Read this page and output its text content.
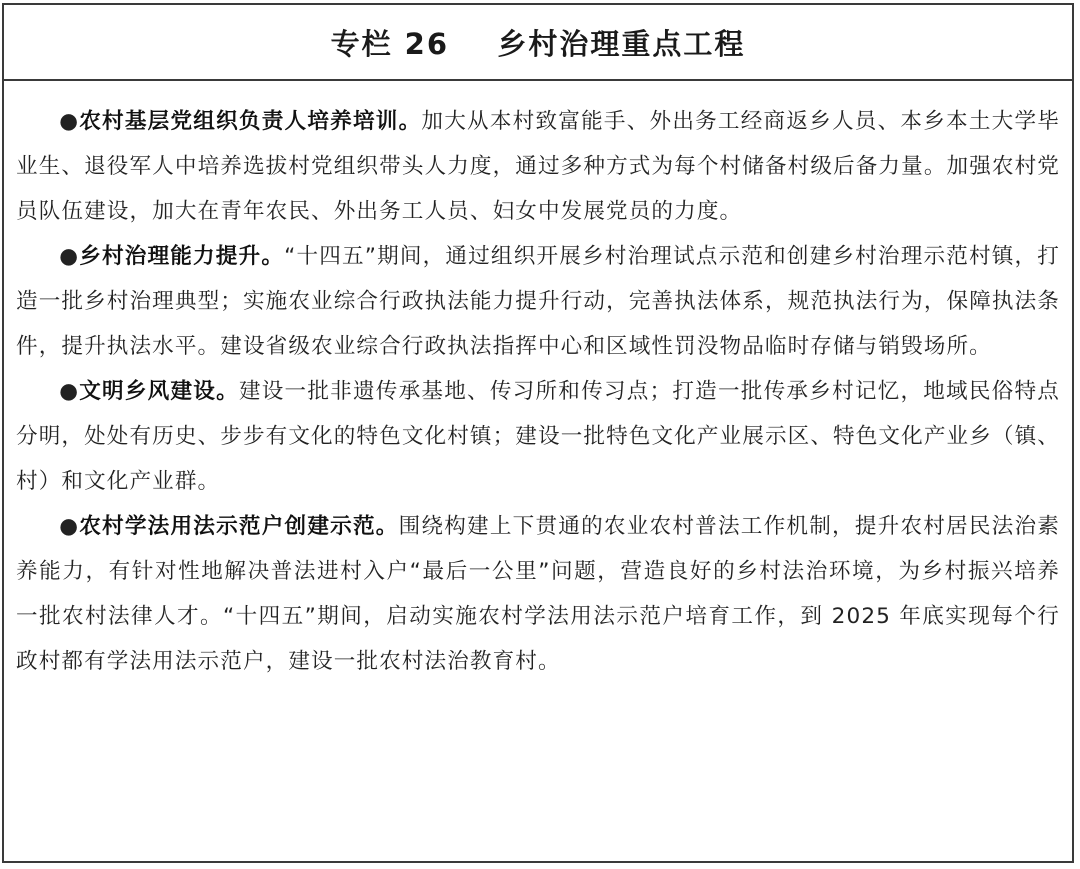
专栏 26    乡村治理重点工程

●农村基层党组织负责人培养培训。加大从本村致富能手、外出务工经商返乡人员、本乡本土大学毕业生、退役军人中培养选拔村党组织带头人力度，通过多种方式为每个村储备村级后备力量。加强农村党员队伍建设，加大在青年农民、外出务工人员、妇女中发展党员的力度。

●乡村治理能力提升。“十四五”期间，通过组织开展乡村治理试点示范和创建乡村治理示范村镇，打造一批乡村治理典型；实施农业综合行政执法能力提升行动，完善执法体系，规范执法行为，保障执法条件，提升执法水平。建设省级农业综合行政执法指挥中心和区域性罚没物品临时存储与销毁场所。

●文明乡风建设。建设一批非遗传承基地、传习所和传习点；打造一批传承乡村记忆，地域民俗特点分明，处处有历史、步步有文化的特色文化村镇；建设一批特色文化产业展示区、特色文化产业乡（镇、村）和文化产业群。

●农村学法用法示范户创建示范。围绕构建上下贯通的农业农村普法工作机制，提升农村居民法治素养能力，有针对性地解决普法进村入户“最后一公里”问题，营造良好的乡村法治环境，为乡村振兴培养一批农村法律人才。“十四五”期间，启动实施农村学法用法示范户培育工作，到 2025 年底实现每个行政村都有学法用法示范户，建设一批农村法治教育村。
